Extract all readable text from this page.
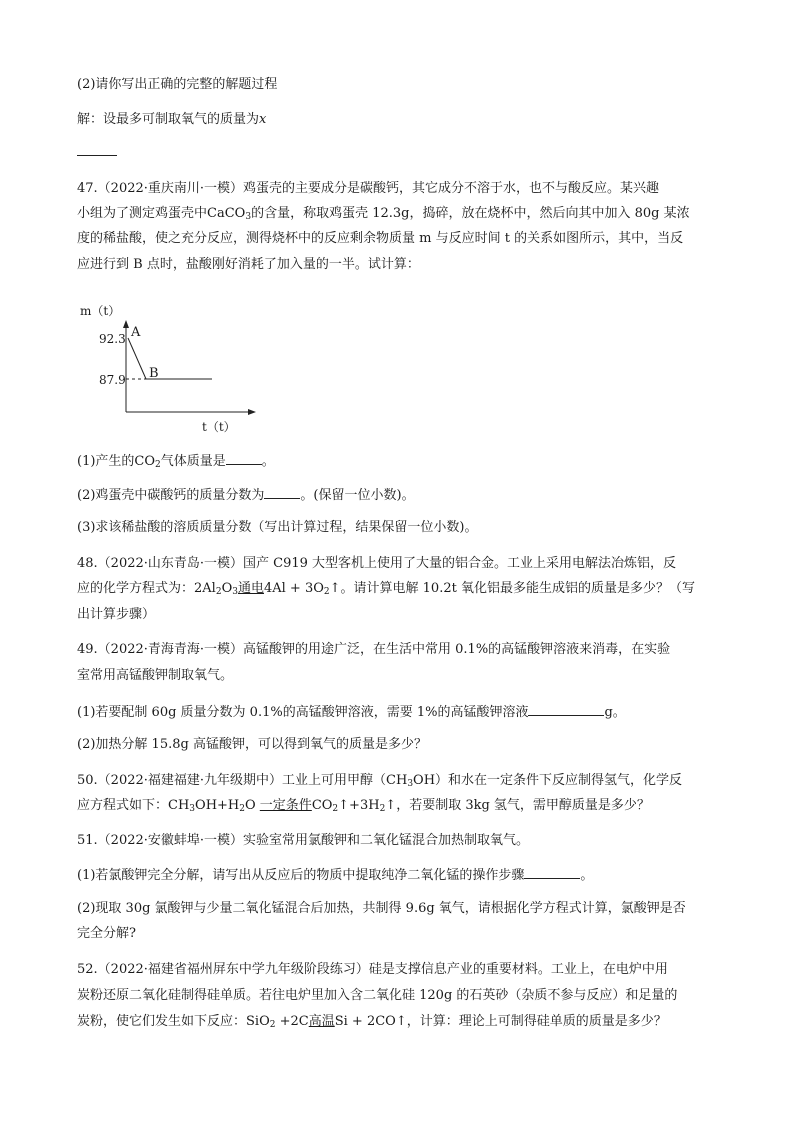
(2)请你写出正确的完整的解题过程
解：设最多可制取氧气的质量为x
47.（2022·重庆南川·一模）鸡蛋壳的主要成分是碳酸钙，其它成分不溶于水，也不与酸反应。某兴趣
小组为了测定鸡蛋壳中CaCO$_3$的含量，称取鸡蛋壳 12.3g，捣碎，放在烧杯中，然后向其中加入 80g 某浓
度的稀盐酸，使之充分反应，测得烧杯中的反应剩余物质量 m 与反应时间 t 的关系如图所示，其中，当反
应进行到 B 点时，盐酸刚好消耗了加入量的一半。试计算：
m（t）
92.3
87.9
A
B
t（t）
(1)产生的$CO_2$气体质量是	。
(2)鸡蛋壳中碳酸钙的质量分数为	。(保留一位小数)。
(3)求该稀盐酸的溶质质量分数（写出计算过程，结果保留一位小数)。
48.（2022·山东青岛·一模）国产 C919 大型客机上使用了大量的铝合金。工业上采用电解法冶炼铝，反
应的化学方程式为：$2Al_2O_3$通电$4Al + 3O_2↑$。请计算电解 10.2t 氧化铝最多能生成铝的质量是多少？（写
出计算步骤）
49.（2022·青海青海·一模）高锰酸钾的用途广泛，在生活中常用 0.1%的高锰酸钾溶液来消毒，在实验
室常用高锰酸钾制取氧气。
(1)若要配制 60g 质量分数为 0.1%的高锰酸钾溶液，需要 1%的高锰酸钾溶液	g。
(2)加热分解 15.8g 高锰酸钾，可以得到氧气的质量是多少？
50.（2022·福建福建·九年级期中）工业上可用甲醇$(CH_3OH)$和水在一定条件下反应制得氢气，化学反
应方程式如下：$CH_3OH+H_2O$ 一定条件$CO_2↑+3H_2↑$，若要制取 3kg 氢气，需甲醇质量是多少？
51.（2022·安徽蚌埠·一模）实验室常用氯酸钾和二氧化锰混合加热制取氧气。
(1)若氯酸钾完全分解，请写出从反应后的物质中提取纯净二氧化锰的操作步骤	。
(2)现取 30g 氯酸钾与少量二氧化锰混合后加热，共制得 9.6g 氧气，请根据化学方程式计算，氯酸钾是否
完全分解?
52.（2022·福建省福州屏东中学九年级阶段练习）硅是支撑信息产业的重要材料。工业上，在电炉中用
炭粉还原二氧化硅制得硅单质。若往电炉里加入含二氧化硅 120g 的石英砂（杂质不参与反应）和足量的
炭粉，使它们发生如下反应：SiO$_2$ +2C高温Si + 2CO↑，计算：理论上可制得硅单质的质量是多少？
